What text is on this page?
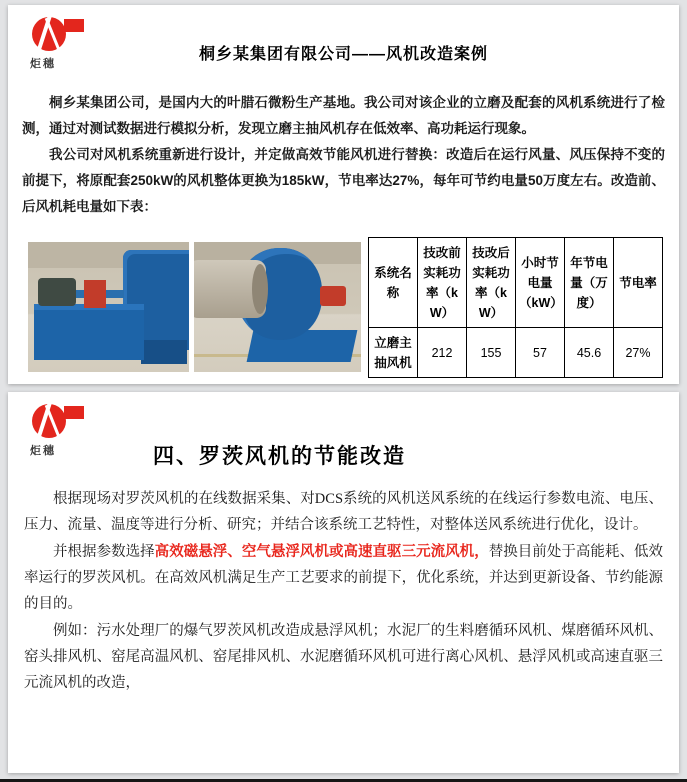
炬穗
桐乡某集团有限公司——风机改造案例

桐乡某集团公司，是国内大的叶腊石微粉生产基地。我公司对该企业的立磨及配套的风机系统进行了检测，通过对测试数据进行模拟分析，发现立磨主抽风机存在低效率、高功耗运行现象。

我公司对风机系统重新进行设计，并定做高效节能风机进行替换：改造后在运行风量、风压保持不变的前提下，将原配套250kW的风机整体更换为185kW，节电率达27%，每年可节约电量50万度左右。改造前、后风机耗电量如下表：

系统名称	技改前实耗功率（kW）	技改后实耗功率（kW）	小时节电量（kW）	年节电量（万度）	节电率
立磨主抽风机	212	155	57	45.6	27%
炬穗	四、罗茨风机的节能改造

根据现场对罗茨风机的在线数据采集、对DCS系统的风机送风系统的在线运行参数电流、电压、压力、流量、温度等进行分析、研究；并结合该系统工艺特性，对整体送风系统进行优化，设计。

并根据参数选择高效磁悬浮、空气悬浮风机或高速直驱三元流风机，替换目前处于高能耗、低效率运行的罗茨风机。在高效风机满足生产工艺要求的前提下，优化系统，并达到更新设备、节约能源的目的。

例如：污水处理厂的爆气罗茨风机改造成悬浮风机；水泥厂的生料磨循环风机、煤磨循环风机、窑头排风机、窑尾高温风机、窑尾排风机、水泥磨循环风机可进行离心风机、悬浮风机或高速直驱三元流风机的改造，
